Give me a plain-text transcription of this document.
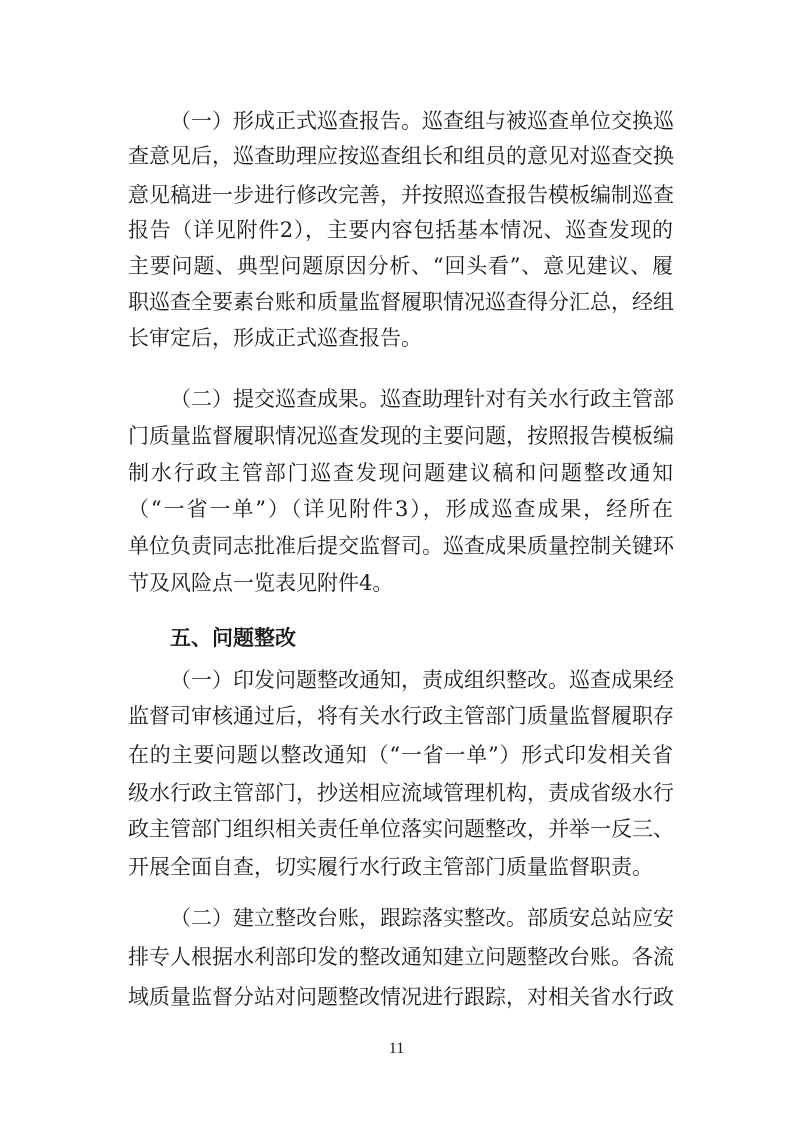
（一）形成正式巡查报告。巡查组与被巡查单位交换巡
查意见后，巡查助理应按巡查组长和组员的意见对巡查交换
意见稿进一步进行修改完善，并按照巡查报告模板编制巡查
报告（详见附件2），主要内容包括基本情况、巡查发现的
主要问题、典型问题原因分析、“回头看”、意见建议、履
职巡查全要素台账和质量监督履职情况巡查得分汇总，经组
长审定后，形成正式巡查报告。
（二）提交巡查成果。巡查助理针对有关水行政主管部
门质量监督履职情况巡查发现的主要问题，按照报告模板编
制水行政主管部门巡查发现问题建议稿和问题整改通知
（“一省一单”）（详见附件3），形成巡查成果，经所在
单位负责同志批准后提交监督司。巡查成果质量控制关键环
节及风险点一览表见附件4。
五、问题整改
（一）印发问题整改通知，责成组织整改。巡查成果经
监督司审核通过后，将有关水行政主管部门质量监督履职存
在的主要问题以整改通知（“一省一单”）形式印发相关省
级水行政主管部门，抄送相应流域管理机构，责成省级水行
政主管部门组织相关责任单位落实问题整改，并举一反三、
开展全面自查，切实履行水行政主管部门质量监督职责。
（二）建立整改台账，跟踪落实整改。部质安总站应安
排专人根据水利部印发的整改通知建立问题整改台账。各流
域质量监督分站对问题整改情况进行跟踪，对相关省水行政
11
